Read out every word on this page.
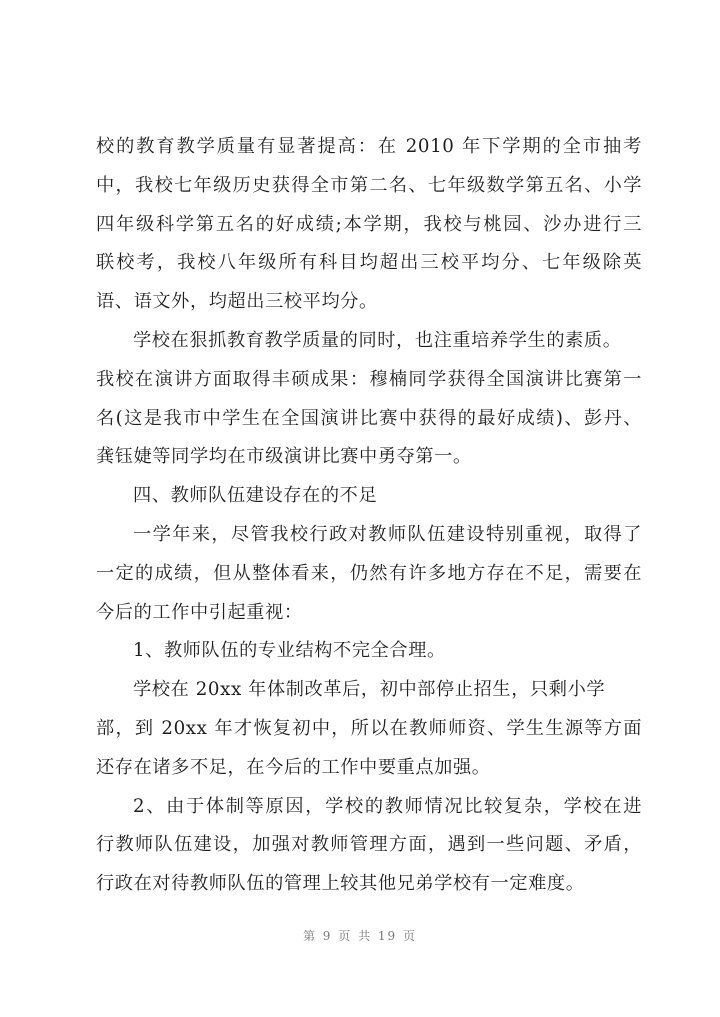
校的教育教学质量有显著提高：在 2010 年下学期的全市抽考
中，我校七年级历史获得全市第二名、七年级数学第五名、小学
四年级科学第五名的好成绩;本学期，我校与桃园、沙办进行三
联校考，我校八年级所有科目均超出三校平均分、七年级除英
语、语文外，均超出三校平均分。
学校在狠抓教育教学质量的同时，也注重培养学生的素质。
我校在演讲方面取得丰硕成果：穆楠同学获得全国演讲比赛第一
名(这是我市中学生在全国演讲比赛中获得的最好成绩)、彭丹、
龚钰婕等同学均在市级演讲比赛中勇夺第一。
四、教师队伍建设存在的不足
一学年来，尽管我校行政对教师队伍建设特别重视，取得了
一定的成绩，但从整体看来，仍然有许多地方存在不足，需要在
今后的工作中引起重视：
1、教师队伍的专业结构不完全合理。
学校在 20xx 年体制改革后，初中部停止招生，只剩小学
部，到 20xx 年才恢复初中，所以在教师师资、学生生源等方面
还存在诸多不足，在今后的工作中要重点加强。
2、由于体制等原因，学校的教师情况比较复杂，学校在进
行教师队伍建设，加强对教师管理方面，遇到一些问题、矛盾，
行政在对待教师队伍的管理上较其他兄弟学校有一定难度。
第 9 页 共 19 页
